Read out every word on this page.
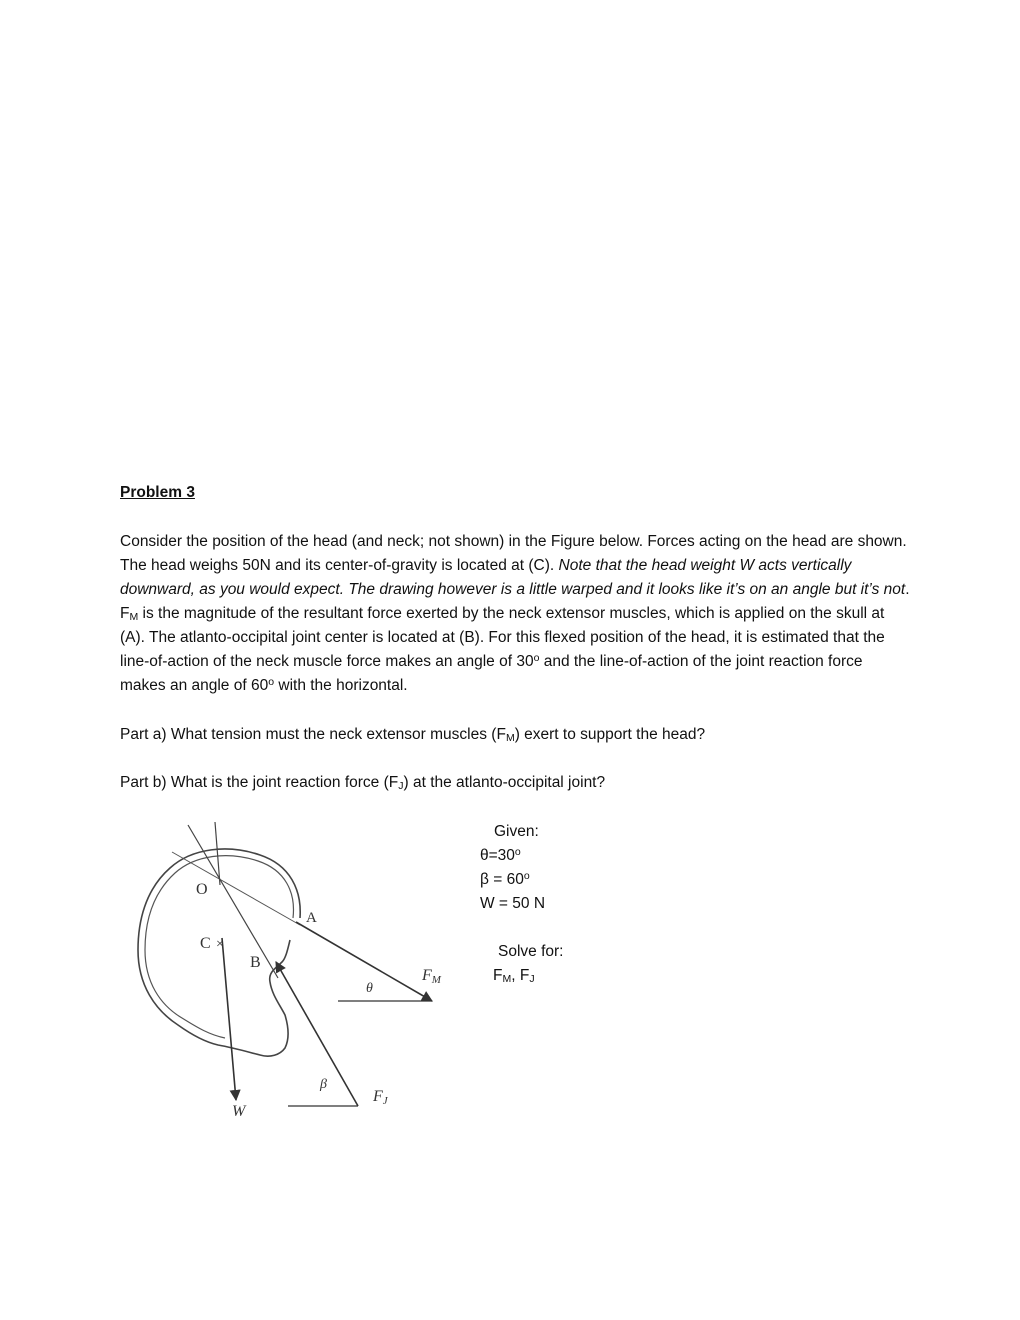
Problem 3
Consider the position of the head (and neck; not shown) in the Figure below. Forces acting on the head are shown. The head weighs 50N and its center-of-gravity is located at (C). Note that the head weight W acts vertically downward, as you would expect. The drawing however is a little warped and it looks like it’s on an angle but it’s not. $F_M$ is the magnitude of the resultant force exerted by the neck extensor muscles, which is applied on the skull at (A). The atlanto-occipital joint center is located at (B). For this flexed position of the head, it is estimated that the line-of-action of the neck muscle force makes an angle of 30$^o$ and the line-of-action of the joint reaction force makes an angle of 60$^o$ with the horizontal.
Part a) What tension must the neck extensor muscles $(F_M)$ exert to support the head?
Part b) What is the joint reaction force $(F_J)$ at the atlanto-occipital joint?
Given:
$\theta=30^o$
$\beta = 60^o$
W = 50 N
Solve for:
$F_M$, $F_J$
×
O
C
B
A
θ
FM
β
FJ
W
